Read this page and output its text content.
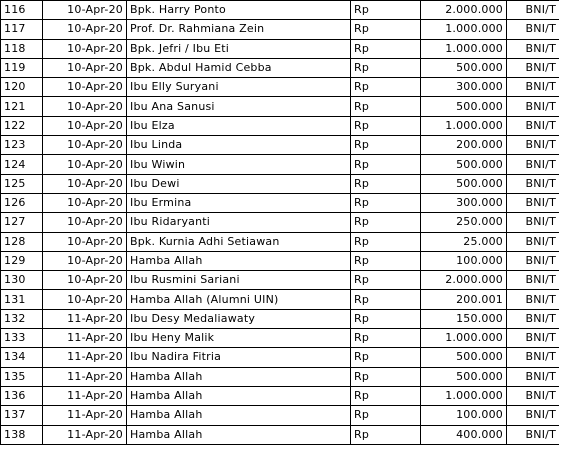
116	10-Apr-20	Bpk. Harry Ponto	Rp	2.000.000	BNI/T
117	10-Apr-20	Prof. Dr. Rahmiana Zein	Rp	1.000.000	BNI/T
118	10-Apr-20	Bpk. Jefri / Ibu Eti	Rp	1.000.000	BNI/T
119	10-Apr-20	Bpk. Abdul Hamid Cebba	Rp	500.000	BNI/T
120	10-Apr-20	Ibu Elly Suryani	Rp	300.000	BNI/T
121	10-Apr-20	Ibu Ana Sanusi	Rp	500.000	BNI/T
122	10-Apr-20	Ibu Elza	Rp	1.000.000	BNI/T
123	10-Apr-20	Ibu Linda	Rp	200.000	BNI/T
124	10-Apr-20	Ibu Wiwin	Rp	500.000	BNI/T
125	10-Apr-20	Ibu Dewi	Rp	500.000	BNI/T
126	10-Apr-20	Ibu Ermina	Rp	300.000	BNI/T
127	10-Apr-20	Ibu Ridaryanti	Rp	250.000	BNI/T
128	10-Apr-20	Bpk. Kurnia Adhi Setiawan	Rp	25.000	BNI/T
129	10-Apr-20	Hamba Allah	Rp	100.000	BNI/T
130	10-Apr-20	Ibu Rusmini Sariani	Rp	2.000.000	BNI/T
131	10-Apr-20	Hamba Allah (Alumni UIN)	Rp	200.001	BNI/T
132	11-Apr-20	Ibu Desy Medaliawaty	Rp	150.000	BNI/T
133	11-Apr-20	Ibu Heny Malik	Rp	1.000.000	BNI/T
134	11-Apr-20	Ibu Nadira Fitria	Rp	500.000	BNI/T
135	11-Apr-20	Hamba Allah	Rp	500.000	BNI/T
136	11-Apr-20	Hamba Allah	Rp	1.000.000	BNI/T
137	11-Apr-20	Hamba Allah	Rp	100.000	BNI/T
138	11-Apr-20	Hamba Allah	Rp	400.000	BNI/T
